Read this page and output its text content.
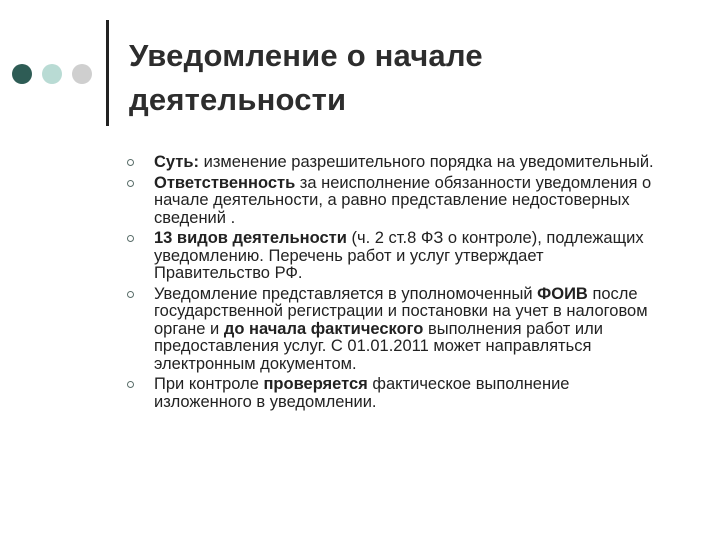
Уведомление о начале
деятельности
Суть: изменение разрешительного порядка на уведомительный.
Ответственность за неисполнение обязанности уведомления о начале деятельности, а равно представление недостоверных сведений .
13 видов деятельности (ч. 2 ст.8 ФЗ о контроле), подлежащих уведомлению. Перечень работ и услуг утверждает Правительство РФ.
Уведомление представляется в уполномоченный ФОИВ после государственной регистрации и постановки на учет в налоговом органе и до начала фактического выполнения работ или предоставления услуг. С 01.01.2011 может направляться электронным документом.
При контроле проверяется фактическое выполнение изложенного в уведомлении.
